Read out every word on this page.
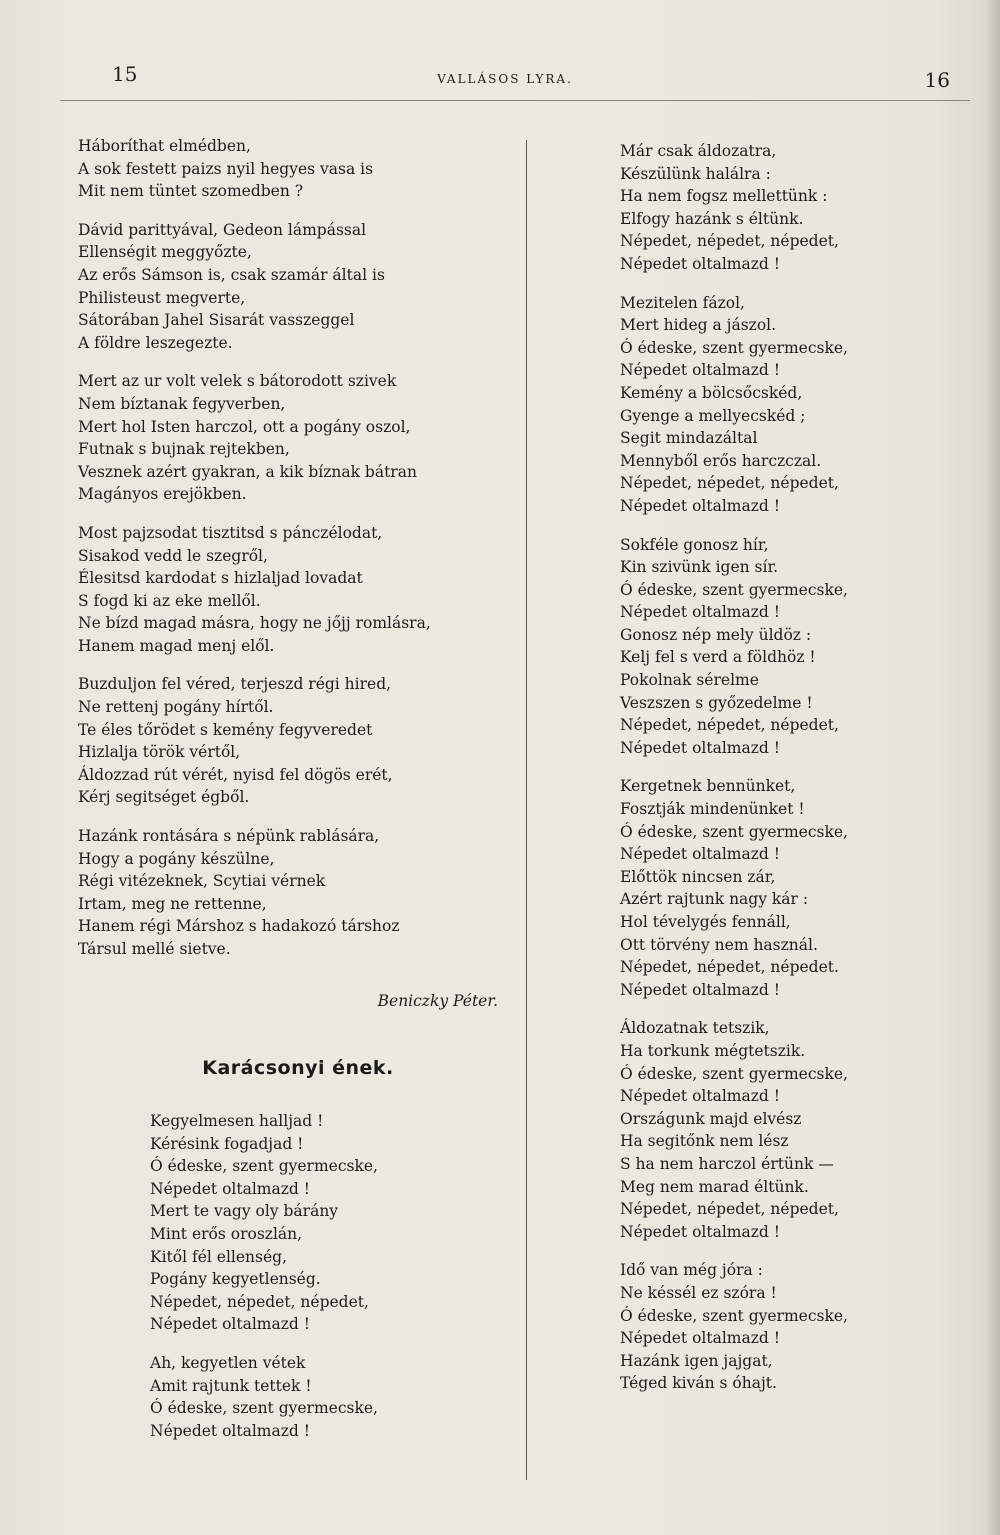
15	VALLÁSOS LYRA.	16
Háboríthat elmédben,
A sok festett paizs nyil hegyes vasa is
Mit nem tüntet szomedben ?
Dávid parittyával, Gedeon lámpással
Ellenségit meggyőzte,
Az erős Sámson is, csak szamár által is
Philisteust megverte,
Sátorában Jahel Sisarát vasszeggel
A földre leszegezte.
Mert az ur volt velek s bátorodott szivek
Nem bíztanak fegyverben,
Mert hol Isten harczol, ott a pogány oszol,
Futnak s bujnak rejtekben,
Vesznek azért gyakran, a kik bíznak bátran
Magányos erejökben.
Most pajzsodat tisztitsd s pánczélodat,
Sisakod vedd le szegről,
Élesitsd kardodat s hizlaljad lovadat
S fogd ki az eke mellől.
Ne bízd magad másra, hogy ne jőjj romlásra,
Hanem magad menj elől.
Buzduljon fel véred, terjeszd régi hired,
Ne rettenj pogány hírtől.
Te éles tőrödet s kemény fegyveredet
Hizlalja török vértől,
Áldozzad rút vérét, nyisd fel dögös erét,
Kérj segitséget égből.
Hazánk rontására s népünk rablására,
Hogy a pogány készülne,
Régi vitézeknek, Scytiai vérnek
Irtam, meg ne rettenne,
Hanem régi Márshoz s hadakozó társhoz
Társul mellé sietve.
Beniczky Péter.
Karácsonyi ének.
Kegyelmesen halljad !
Kérésink fogadjad !
Ó édeske, szent gyermecske,
Népedet oltalmazd !
Mert te vagy oly bárány
Mint erős oroszlán,
Kitől fél ellenség,
Pogány kegyetlenség.
Népedet, népedet, népedet,
Népedet oltalmazd !
Ah, kegyetlen vétek
Amit rajtunk tettek !
Ó édeske, szent gyermecske,
Népedet oltalmazd !
Már csak áldozatra,
Készülünk halálra :
Ha nem fogsz mellettünk :
Elfogy hazánk s éltünk.
Népedet, népedet, népedet,
Népedet oltalmazd !
Mezitelen fázol,
Mert hideg a jászol.
Ó édeske, szent gyermecske,
Népedet oltalmazd !
Kemény a bölcsőcskéd,
Gyenge a mellyecskéd ;
Segit mindazáltal
Mennyből erős harczczal.
Népedet, népedet, népedet,
Népedet oltalmazd !
Sokféle gonosz hír,
Kin szivünk igen sír.
Ó édeske, szent gyermecske,
Népedet oltalmazd !
Gonosz nép mely üldöz :
Kelj fel s verd a földhöz !
Pokolnak sérelme
Veszszen s győzedelme !
Népedet, népedet, népedet,
Népedet oltalmazd !
Kergetnek bennünket,
Fosztják mindenünket !
Ó édeske, szent gyermecske,
Népedet oltalmazd !
Előttök nincsen zár,
Azért rajtunk nagy kár :
Hol tévelygés fennáll,
Ott törvény nem használ.
Népedet, népedet, népedet.
Népedet oltalmazd !
Áldozatnak tetszik,
Ha torkunk mégtetszik.
Ó édeske, szent gyermecske,
Népedet oltalmazd !
Országunk majd elvész
Ha segitőnk nem lész
S ha nem harczol értünk —
Meg nem marad éltünk.
Népedet, népedet, népedet,
Népedet oltalmazd !
Idő van még jóra :
Ne késsél ez szóra !
Ó édeske, szent gyermecske,
Népedet oltalmazd !
Hazánk igen jajgat,
Téged kiván s óhajt.
